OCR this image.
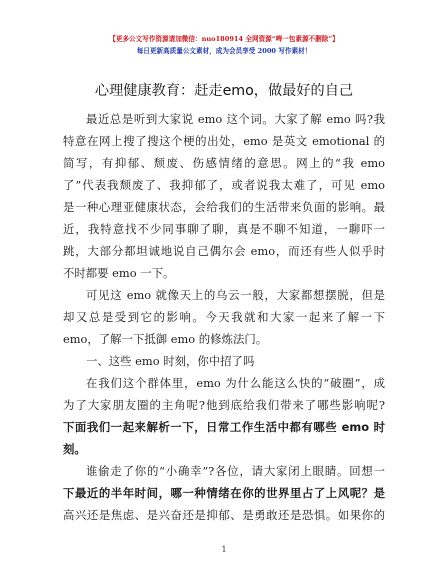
【更多公文写作资源请加微信：nuo180914 全网资源“啤一包素源不删除”】
每日更新高质量公文素材，成为会员享受 2000 写作素材！
心理健康教育：赶走emo，做最好的自己
最近总是听到大家说 emo 这个词。大家了解 emo 吗?我
特意在网上搜了搜这个梗的出处，emo 是英文 emotional 的
简写，有抑郁、颓废、伤感情绪的意思。网上的“我 emo
了”代表我颓废了、我抑郁了，或者说我太难了，可见 emo
是一种心理亚健康状态，会给我们的生活带来负面的影响。最
近，我特意找不少同事聊了聊，真是不聊不知道，一聊吓一
跳，大部分都坦诚地说自己偶尔会 emo，而还有些人似乎时
不时都要 emo 一下。
可见这 emo 就像天上的乌云一般，大家都想摆脱，但是
却又总是受到它的影响。今天我就和大家一起来了解一下
emo，了解一下抵御 emo 的修炼法门。
一、这些 emo 时刻，你中招了吗
在我们这个群体里，emo 为什么能这么快的“破圈”，成
为了大家朋友圈的主角呢?他到底给我们带来了哪些影响呢?
下面我们一起来解析一下，日常工作生活中都有哪些 emo 时
刻。
谁偷走了你的“小确幸”?各位，请大家闭上眼睛。回想一
下最近的半年时间，哪一种情绪在你的世界里占了上风呢？是
高兴还是焦虑、是兴奋还是抑郁、是勇敢还是恐惧。如果你的
1
